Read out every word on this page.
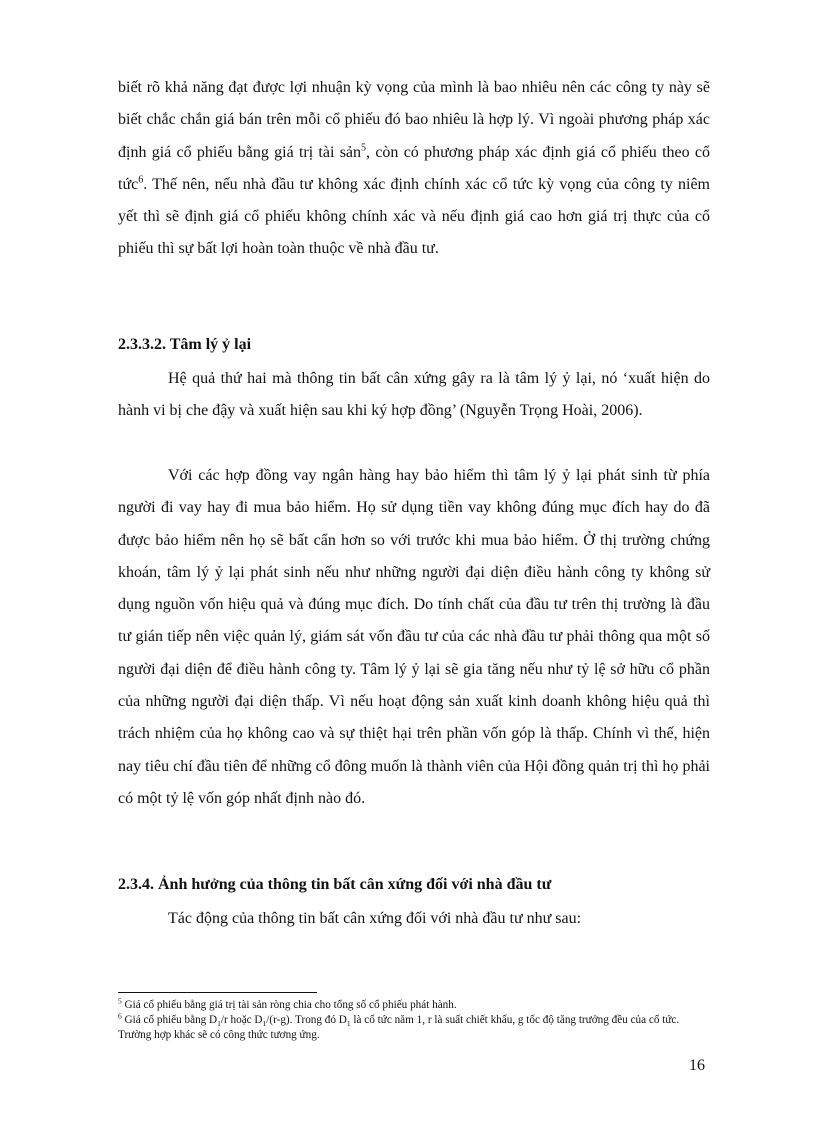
biết rõ khả năng đạt được lợi nhuận kỳ vọng của mình là bao nhiêu nên các công ty này sẽ biết chắc chắn giá bán trên mỗi cổ phiếu đó bao nhiêu là hợp lý. Vì ngoài phương pháp xác định giá cổ phiếu bằng giá trị tài sản$^5$, còn có phương pháp xác định giá cổ phiếu theo cổ tức$^6$. Thế nên, nếu nhà đầu tư không xác định chính xác cổ tức kỳ vọng của công ty niêm yết thì sẽ định giá cổ phiếu không chính xác và nếu định giá cao hơn giá trị thực của cổ phiếu thì sự bất lợi hoàn toàn thuộc về nhà đầu tư.

2.3.3.2. Tâm lý ỷ lại

Hệ quả thứ hai mà thông tin bất cân xứng gây ra là tâm lý ỷ lại, nó ‘xuất hiện do hành vi bị che đậy và xuất hiện sau khi ký hợp đồng’ (Nguyễn Trọng Hoài, 2006).

Với các hợp đồng vay ngân hàng hay bảo hiểm thì tâm lý ỷ lại phát sinh từ phía người đi vay hay đi mua bảo hiểm. Họ sử dụng tiền vay không đúng mục đích hay do đã được bảo hiểm nên họ sẽ bất cẩn hơn so với trước khi mua bảo hiểm. Ở thị trường chứng khoán, tâm lý ỷ lại phát sinh nếu như những người đại diện điều hành công ty không sử dụng nguồn vốn hiệu quả và đúng mục đích. Do tính chất của đầu tư trên thị trường là đầu tư gián tiếp nên việc quản lý, giám sát vốn đầu tư của các nhà đầu tư phải thông qua một số người đại diện để điều hành công ty. Tâm lý ỷ lại sẽ gia tăng nếu như tỷ lệ sở hữu cổ phần của những người đại diện thấp. Vì nếu hoạt động sản xuất kinh doanh không hiệu quả thì trách nhiệm của họ không cao và sự thiệt hại trên phần vốn góp là thấp. Chính vì thế, hiện nay tiêu chí đầu tiên để những cổ đông muốn là thành viên của Hội đồng quản trị thì họ phải có một tỷ lệ vốn góp nhất định nào đó.

2.3.4. Ảnh hưởng của thông tin bất cân xứng đối với nhà đầu tư

Tác động của thông tin bất cân xứng đối với nhà đầu tư như sau:

$^5$ Giá cổ phiếu bằng giá trị tài sản ròng chia cho tổng số cổ phiếu phát hành.

$^6$ Giá cổ phiếu bằng $D_1/r$ hoặc $D_1/(r-g)$. Trong đó $D_1$ là cổ tức năm 1, r là suất chiết khấu, g tốc độ tăng trưởng đều của cổ tức. Trường hợp khác sẽ có công thức tương ứng.

16
